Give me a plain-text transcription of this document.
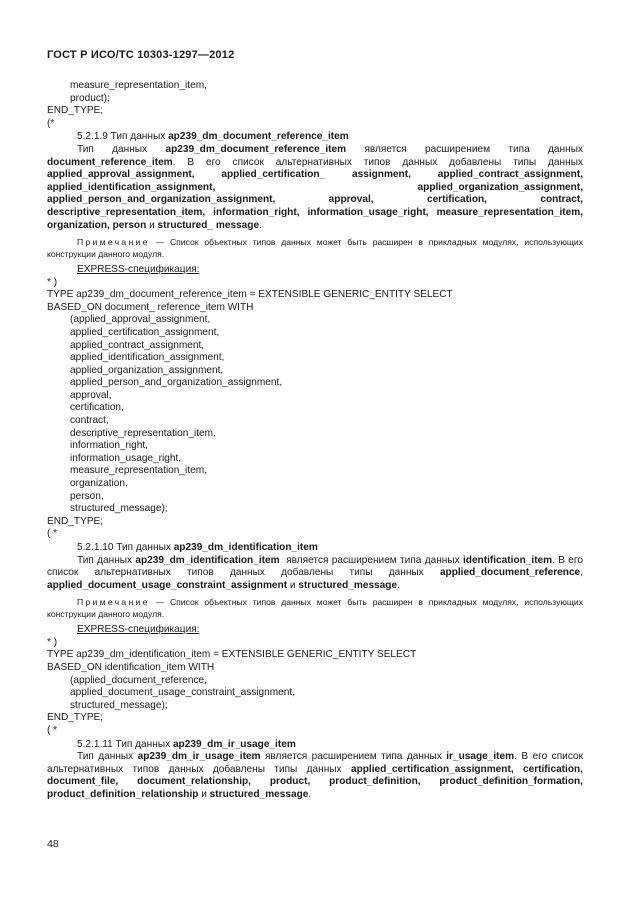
ГОСТ Р ИСО/ТС 10303-1297—2012

measure_representation_item,

product);

END_TYPE;

(*

5.2.1.9 Тип данных ap239_dm_document_reference_item

Тип данных ap239_dm_document_reference_item является расширением типа данных document_reference_item. В его список альтернативных типов данных добавлены типы данных applied_approval_assignment, applied_certification_ assignment, applied_contract_assignment, applied_identification_assignment, applied_organization_assignment, applied_person_and_organization_assignment, approval, certification, contract, descriptive_representation_item, information_right, information_usage_right, measure_representation_item, organization, person и structured_ message.

Примечание — Список объектных типов данных может быть расширен в прикладных модулях, использующих конструкции данного модуля.

EXPRESS-спецификация:

* )

TYPE ap239_dm_document_reference_item = EXTENSIBLE GENERIC_ENTITY SELECT

BASED_ON document_ reference_item WITH

(applied_approval_assignment,

applied_certification_assignment,

applied_contract_assignment,

applied_identification_assignment,

applied_organization_assignment,

applied_person_and_organization_assignment,

approval,

certification,

contract,

descriptive_representation_item,

information_right,

information_usage_right,

measure_representation_item,

organization,

person,

structured_message);

END_TYPE;

( *

5.2.1.10 Тип данных ap239_dm_identification_item

Тип данных ap239_dm_identification_item  является расширением типа данных identification_item. В его список альтернативных типов данных добавлены типы данных applied_document_reference, applied_document_usage_constraint_assignment и structured_message.

Примечание — Список объектных типов данных может быть расширен в прикладных модулях, использующих конструкции данного модуля.

EXPRESS-спецификация:

* )

TYPE ap239_dm_identification_item = EXTENSIBLE GENERIC_ENTITY SELECT

BASED_ON identification_item WITH

(applied_document_reference,

applied_document_usage_constraint_assignment,

structured_message);

END_TYPE;

( *

5.2.1.11 Тип данных ap239_dm_ir_usage_item

Тип данных ap239_dm_ir_usage_item является расширением типа данных ir_usage_item. В его список альтернативных типов данных добавлены типы данных applied_certification_assignment, certification, document_file, document_relationship, product, product_definition, product_definition_formation, product_definition_relationship и structured_message.

48
